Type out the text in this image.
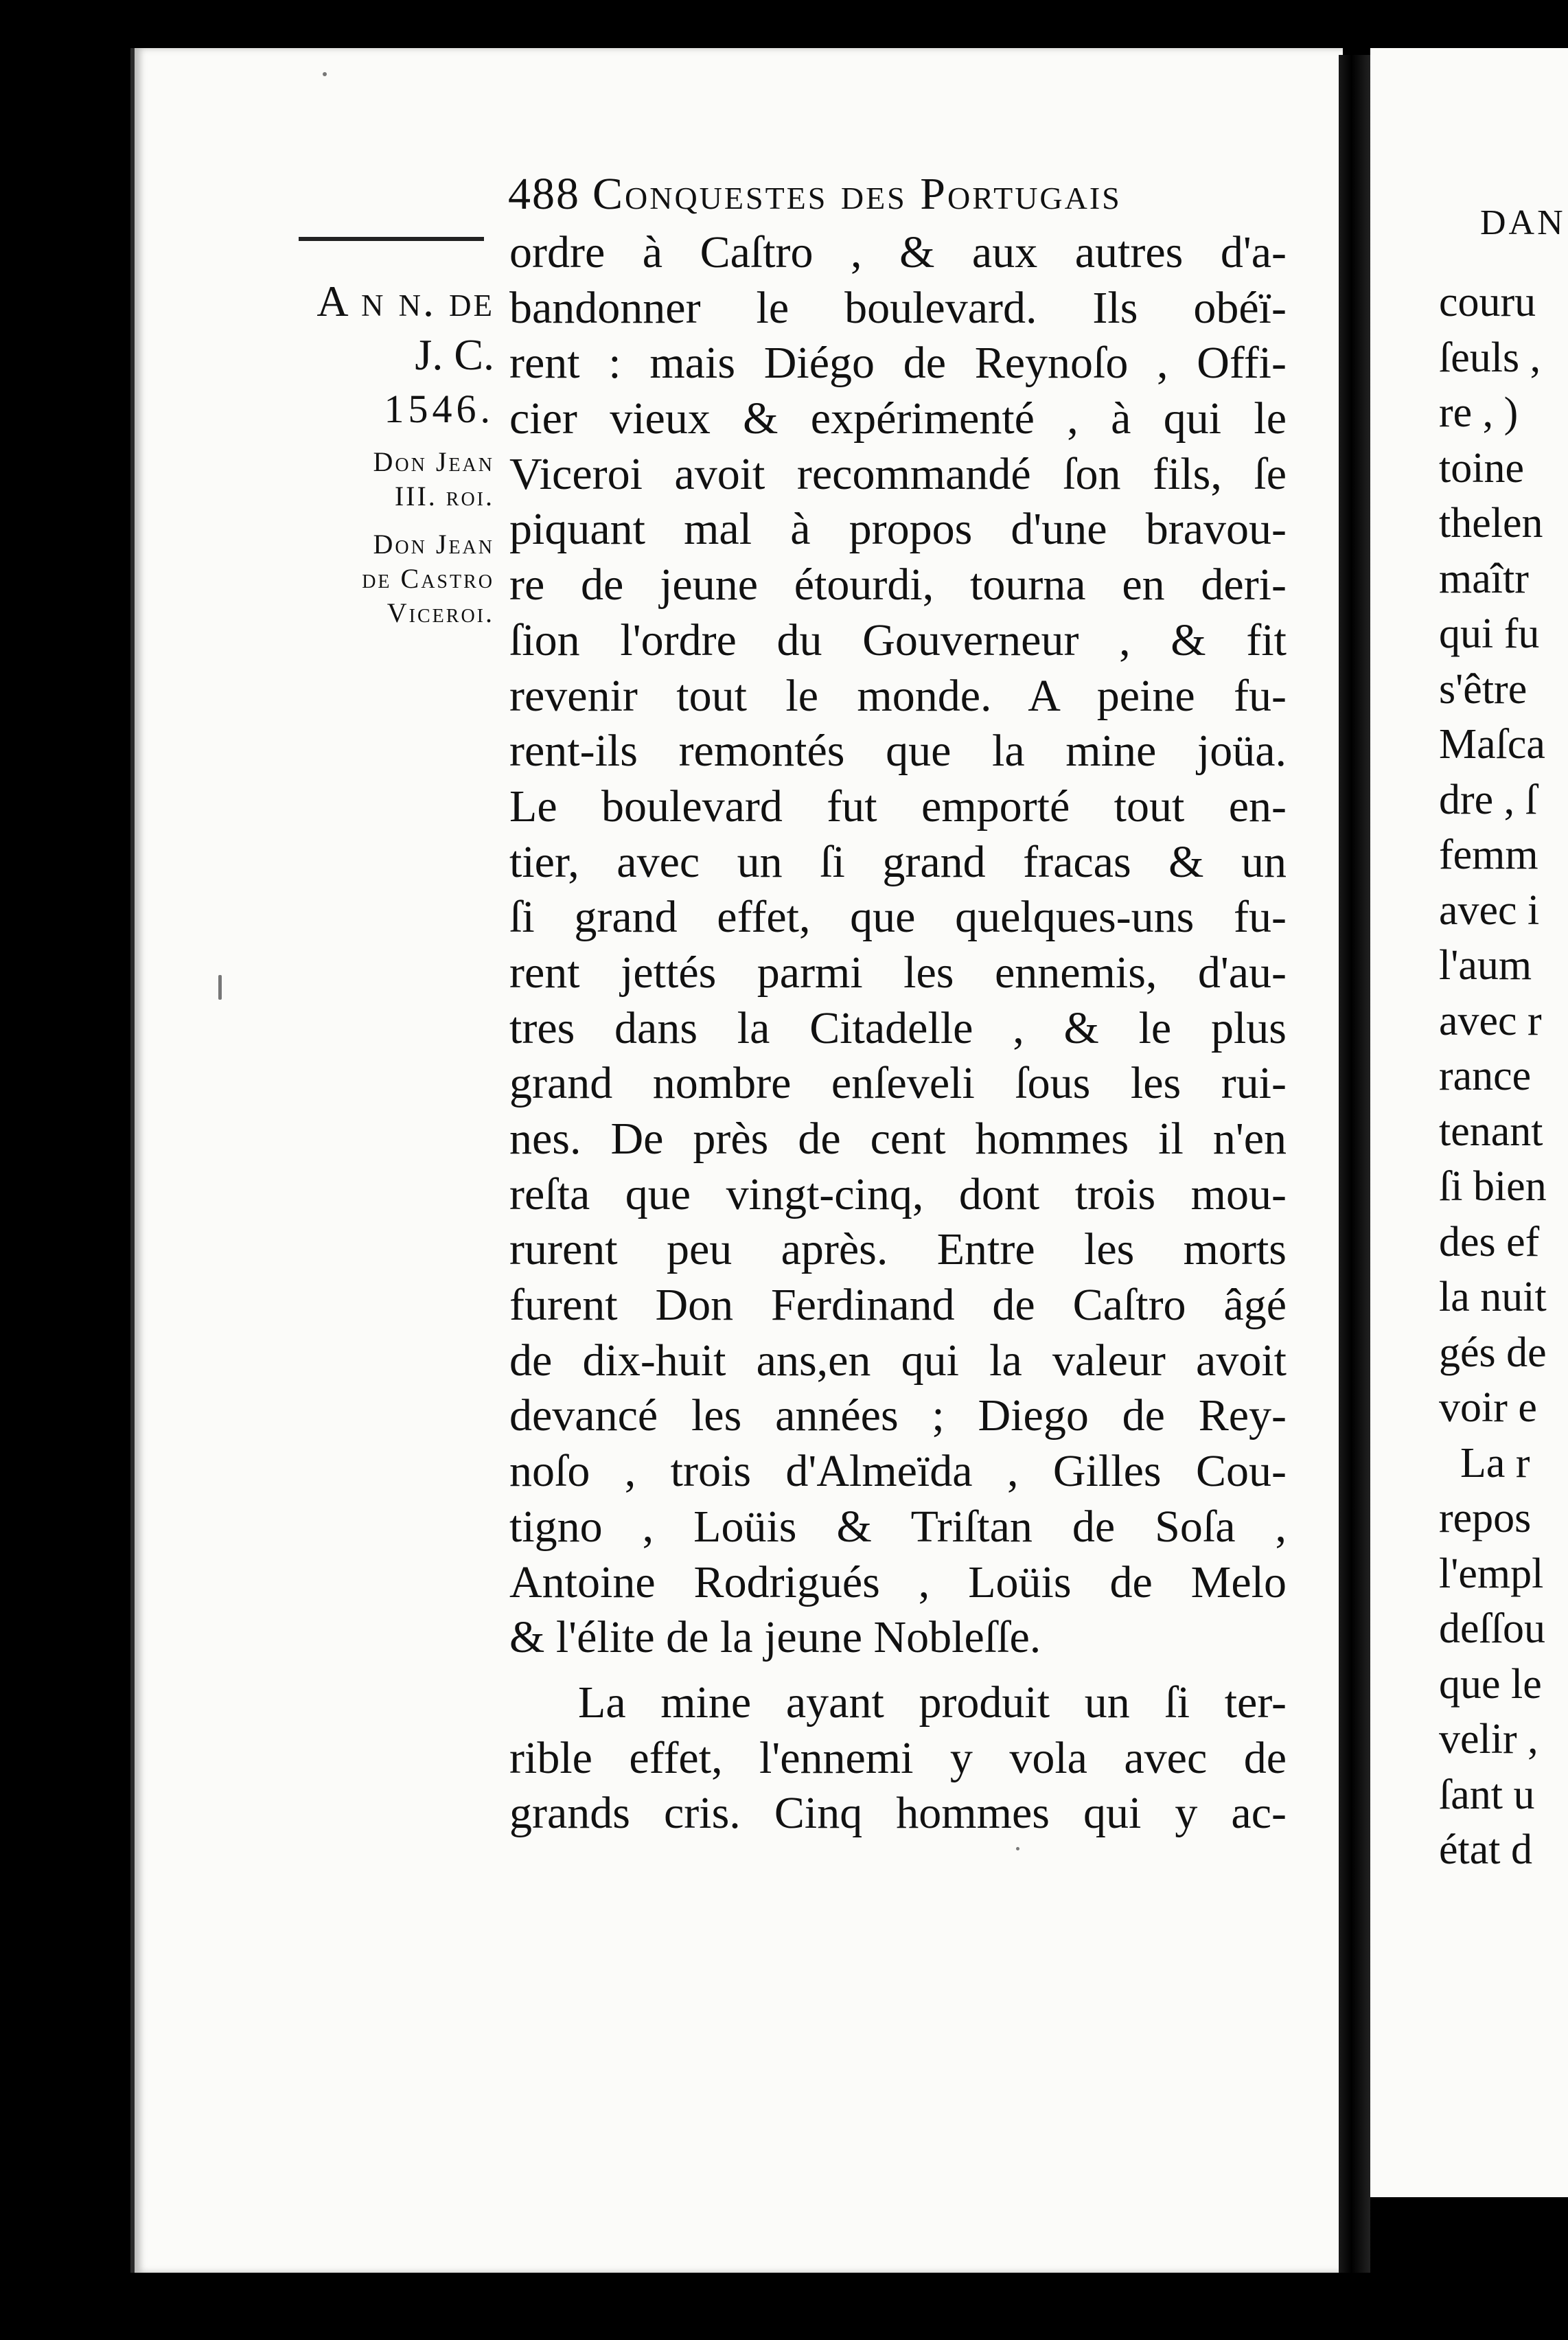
DAN
couru
ſeuls ,
re , )
toine
thelen
maîtr
qui fu
s'être
Maſca
dre , ſ
femm
avec i
l'aum
avec r
rance
tenant
ſi bien
des ef
la nuit
gés de
voir e
La r
repos
l'empl
deſſou
que le
velir ,
ſant u
état d
488 Conquestes des Portugais
A n n. de
J. C.
1546.
Don Jean
III. roi.
Don Jean
de Castro
Viceroi.
ordre à Caſtro , & aux autres d'a-
bandonner le boulevard. Ils obéï-
rent : mais Diégo de Reynoſo , Offi-
cier vieux & expérimenté , à qui le
Viceroi avoit recommandé ſon fils, ſe
piquant mal à propos d'une bravou-
re de jeune étourdi, tourna en deri-
ſion l'ordre du Gouverneur , & fit
revenir tout le monde. A peine fu-
rent-ils remontés que la mine joüa.
Le boulevard fut emporté tout en-
tier, avec un ſi grand fracas & un
ſi grand effet, que quelques-uns fu-
rent jettés parmi les ennemis, d'au-
tres dans la Citadelle , & le plus
grand nombre enſeveli ſous les rui-
nes. De près de cent hommes il n'en
reſta que vingt-cinq, dont trois mou-
rurent peu après. Entre les morts
furent Don Ferdinand de Caſtro âgé
de dix-huit ans,en qui la valeur avoit
devancé les années ; Diego de Rey-
noſo , trois d'Almeïda , Gilles Cou-
tigno , Loüis & Triſtan de Soſa ,
Antoine Rodrigués , Loüis de Melo
& l'élite de la jeune Nobleſſe.
La mine ayant produit un ſi ter-
rible effet, l'ennemi y vola avec de
grands cris. Cinq hommes qui y ac-
